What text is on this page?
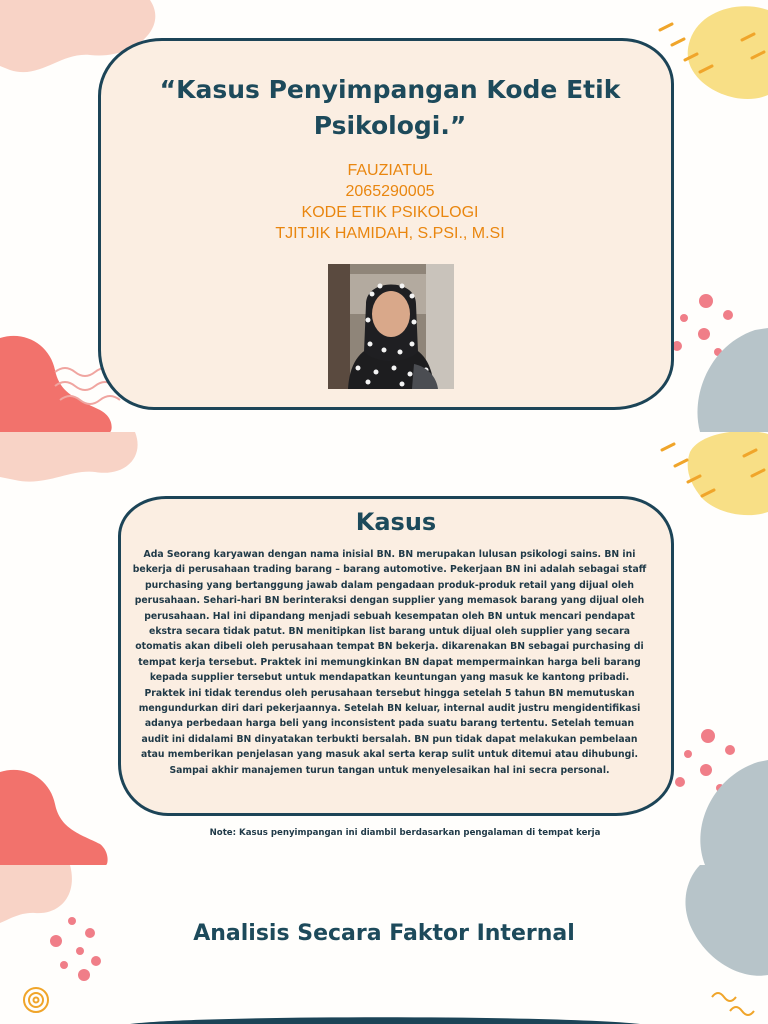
“Kasus Penyimpangan Kode Etik Psikologi.”
FAUZIATUL
2065290005
KODE ETIK PSIKOLOGI
TJITJIK HAMIDAH, S.PSI., M.SI
Kasus

Ada Seorang karyawan dengan nama inisial BN. BN merupakan lulusan psikologi sains. BN ini bekerja di perusahaan trading barang – barang automotive. Pekerjaan BN ini adalah sebagai staff purchasing yang bertanggung jawab dalam pengadaan produk-produk retail yang dijual oleh perusahaan. Sehari-hari BN berinteraksi dengan supplier yang memasok barang yang dijual oleh perusahaan. Hal ini dipandang menjadi sebuah kesempatan oleh BN untuk mencari pendapat ekstra secara tidak patut. BN menitipkan list barang untuk dijual oleh supplier yang secara otomatis akan dibeli oleh perusahaan tempat BN bekerja. dikarenakan BN sebagai purchasing di tempat kerja tersebut. Praktek ini memungkinkan BN dapat mempermainkan harga beli barang kepada supplier tersebut untuk mendapatkan keuntungan yang masuk ke kantong pribadi. Praktek ini tidak terendus oleh perusahaan tersebut hingga setelah 5 tahun BN memutuskan mengundurkan diri dari pekerjaannya. Setelah BN keluar, internal audit justru mengidentifikasi adanya perbedaan harga beli yang inconsistent pada suatu barang tertentu. Setelah temuan audit ini didalami BN dinyatakan terbukti bersalah. BN pun tidak dapat melakukan pembelaan atau memberikan penjelasan yang masuk akal serta kerap sulit untuk ditemui atau dihubungi. Sampai akhir manajemen turun tangan untuk menyelesaikan hal ini secra personal.

Note: Kasus penyimpangan ini diambil berdasarkan pengalaman di tempat kerja
Analisis Secara Faktor Internal
